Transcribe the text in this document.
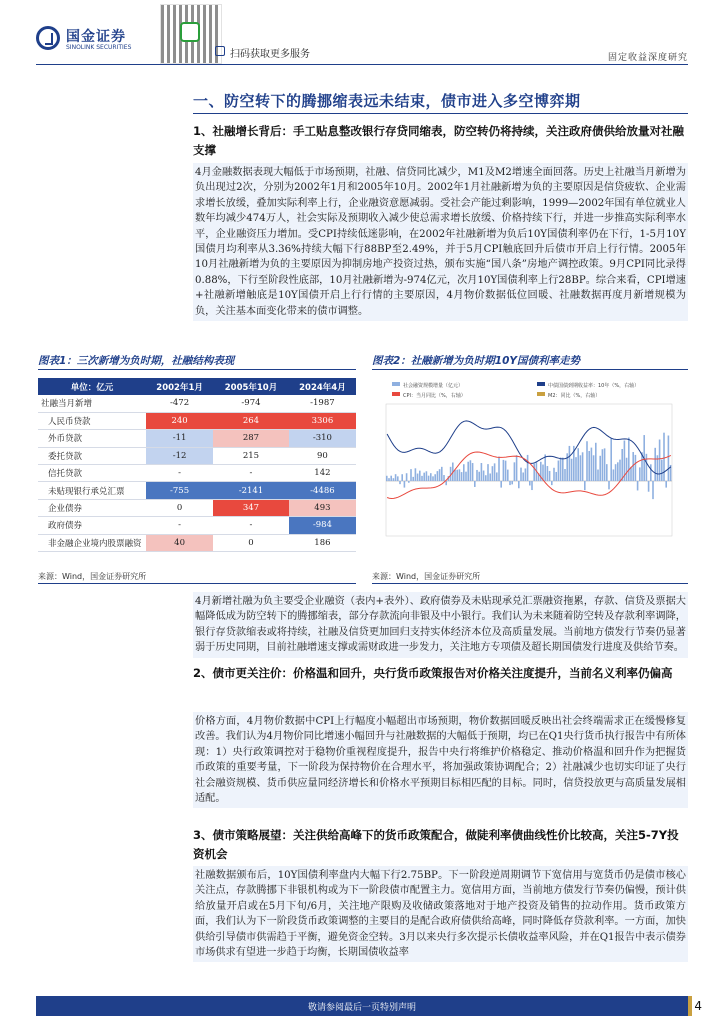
国金证券
SINOLINK SECURITIES
扫码获取更多服务	固定收益深度研究
一、防空转下的腾挪缩表远未结束，债市进入多空博弈期
1、社融增长背后：手工贴息整改银行存贷同缩表，防空转仍将持续，关注政府债供给放量对社融支撑
4月金融数据表现大幅低于市场预期，社融、信贷同比减少，M1及M2增速全面回落。历史上社融当月新增为负出现过2次，分别为2002年1月和2005年10月。2002年1月社融新增为负的主要原因是信贷疲软、企业需求增长放缓，叠加实际利率上行，企业融资意愿减弱。受社会产能过剩影响，1999—2002年国有单位就业人数年均减少474万人，社会实际及预期收入减少使总需求增长放缓、价格持续下行，并进一步推高实际利率水平，企业融资压力增加。受CPI持续低迷影响，在2002年社融新增为负后10Y国债利率仍在下行，1-5月10Y国债月均利率从3.36%持续大幅下行88BP至2.49%，并于5月CPI触底回升后债市开启上行行情。2005年10月社融新增为负的主要原因为抑制房地产投资过热，颁布实施“国八条”房地产调控政策。9月CPI同比录得0.88%，下行至阶段性底部，10月社融新增为-974亿元，次月10Y国债利率上行28BP。综合来看，CPI增速+社融新增触底是10Y国债开启上行行情的主要原因，4月物价数据低位回暖、社融数据再度月新增规模为负，关注基本面变化带来的债市调整。
图表1：三次新增为负时期，社融结构表现	图表2：社融新增为负时期10Y国债利率走势
单位：亿元	2002年1月	2005年10月	2024年4月
社融当月新增	-472	-974	-1987
人民币贷款	240	264	3306
外币贷款	-11	287	-310
委托贷款	-12	215	90
信托贷款	-	-	142
未贴现银行承兑汇票	-755	-2141	-4486
企业债券	0	347	493
政府债券	-	-	-984
非金融企业境内股票融资	40	0	186
社会融资规模增量（亿元）	中债国债到期收益率：10年（%，右轴）
CPI：当月同比（%，右轴）	M2：同比（%，右轴）
来源：Wind，国金证券研究所	来源：Wind，国金证券研究所
4月新增社融为负主要受企业融资（表内+表外）、政府债券及未贴现承兑汇票融资拖累，存款、信贷及票据大幅降低成为防空转下的腾挪缩表，部分存款流向非银及中小银行。我们认为未来随着防空转及存款利率调降，银行存贷款缩表或将持续，社融及信贷更加回归支持实体经济本位及高质量发展。当前地方债发行节奏仍显著弱于历史同期，目前社融增速支撑或需财政进一步发力，关注地方专项债及超长期国债发行进度及供给节奏。
2、债市更关注价：价格温和回升，央行货币政策报告对价格关注度提升，当前名义利率仍偏高
价格方面，4月物价数据中CPI上行幅度小幅超出市场预期，物价数据回暖反映出社会终端需求正在缓慢修复改善。我们认为4月物价同比增速小幅回升与社融数据的大幅低于预期，均已在Q1央行货币执行报告中有所体现：1）央行政策调控对于稳物价重视程度提升，报告中央行将维护价格稳定、推动价格温和回升作为把握货币政策的重要考量，下一阶段为保持物价在合理水平，将加强政策协调配合；2）社融减少也切实印证了央行社会融资规模、货币供应量同经济增长和价格水平预期目标相匹配的目标。同时，信贷投放更与高质量发展相适配。
3、债市策略展望：关注供给高峰下的货币政策配合，做陡利率债曲线性价比较高，关注5-7Y投资机会
社融数据颁布后，10Y国债利率盘内大幅下行2.75BP。下一阶段逆周期调节下宽信用与宽货币仍是债市核心关注点，存款腾挪下非银机构或为下一阶段债市配置主力。宽信用方面，当前地方债发行节奏仍偏慢，预计供给放量开启或在5月下旬/6月，关注地产限购及收储政策落地对于地产投资及销售的拉动作用。货币政策方面，我们认为下一阶段货币政策调整的主要目的是配合政府债供给高峰，同时降低存贷款利率。一方面，加快供给引导债市供需趋于平衡，避免资金空转。3月以来央行多次提示长债收益率风险，并在Q1报告中表示债券市场供求有望进一步趋于均衡，长期国债收益率
敬请参阅最后一页特别声明	4
